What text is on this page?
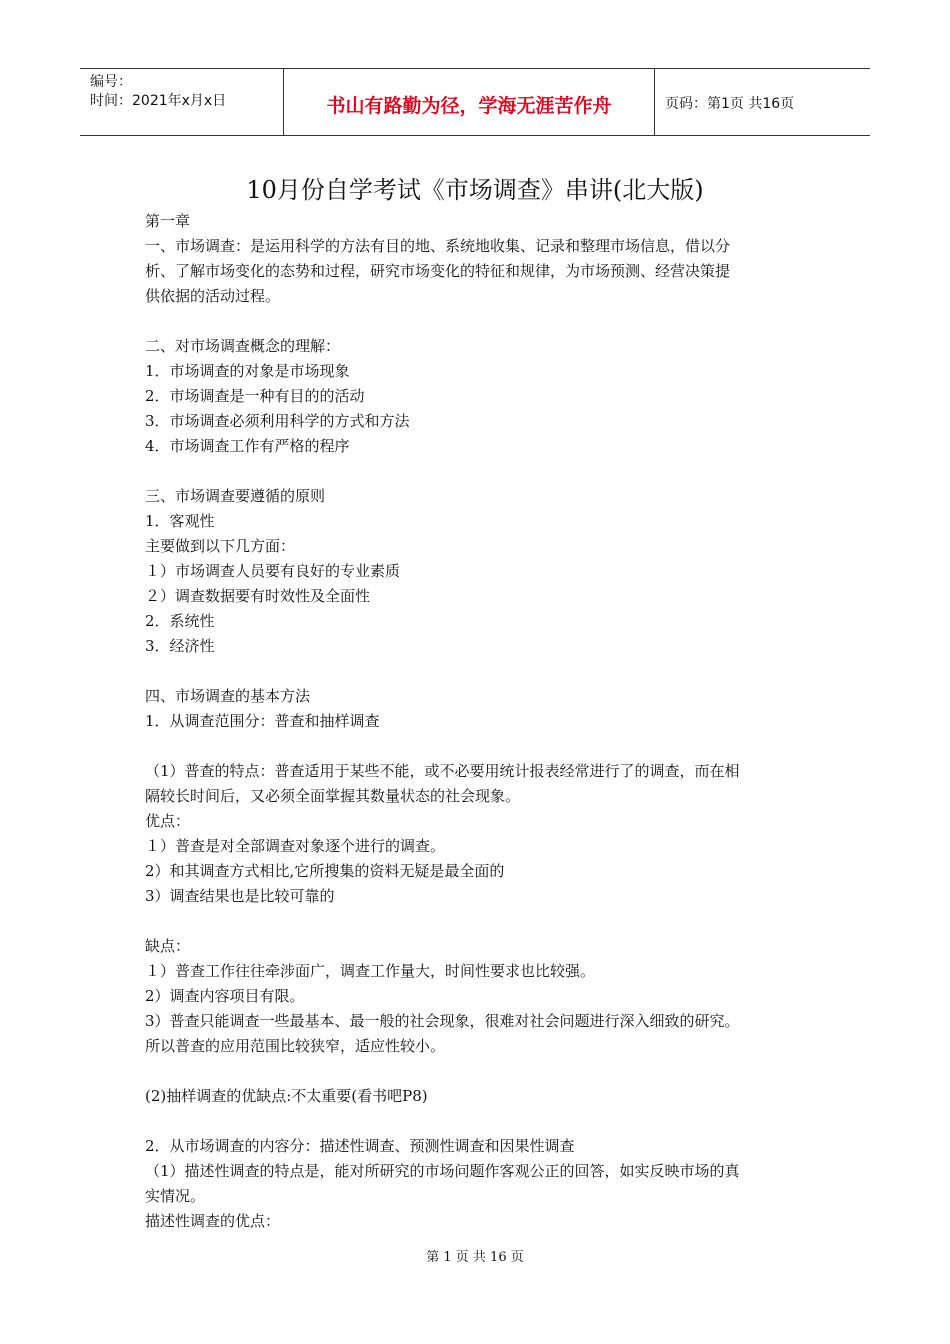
编号：
时间：2021年x月x日	书山有路勤为径，学海无涯苦作舟	页码：第1页 共16页
10月份自学考试《市场调查》串讲(北大版)

第一章

一、市场调查：是运用科学的方法有目的地、系统地收集、记录和整理市场信息，借以分

析、了解市场变化的态势和过程，研究市场变化的特征和规律，为市场预测、经营决策提

供依据的活动过程。

二、对市场调查概念的理解：

1．市场调查的对象是市场现象

2．市场调查是一种有目的的活动

3．市场调查必须利用科学的方式和方法

4．市场调查工作有严格的程序

三、市场调查要遵循的原则

1．客观性

主要做到以下几方面：

１）市场调查人员要有良好的专业素质

２）调查数据要有时效性及全面性

2．系统性

3．经济性

四、市场调查的基本方法

1．从调查范围分：普查和抽样调查

（1）普查的特点：普查适用于某些不能，或不必要用统计报表经常进行了的调查，而在相

隔较长时间后，又必须全面掌握其数量状态的社会现象。

优点：

１）普查是对全部调查对象逐个进行的调查。

2）和其调查方式相比,它所搜集的资料无疑是最全面的

3）调查结果也是比较可靠的

缺点：

１）普查工作往往牵涉面广，调查工作量大，时间性要求也比较强。

2）调查内容项目有限。

3）普查只能调查一些最基本、最一般的社会现象，很难对社会问题进行深入细致的研究。

所以普查的应用范围比较狭窄，适应性较小。

(2)抽样调查的优缺点:不太重要(看书吧P8)

2．从市场调查的内容分：描述性调查、预测性调查和因果性调查

（1）描述性调查的特点是，能对所研究的市场问题作客观公正的回答，如实反映市场的真

实情况。

描述性调查的优点：

第 1 页 共 16 页
